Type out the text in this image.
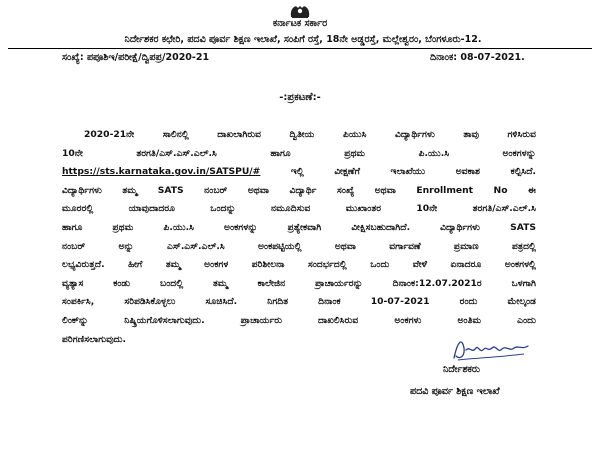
ಕರ್ನಾಟಕ ಸರ್ಕಾರ
ನಿರ್ದೇಶಕರ ಕಛೇರಿ, ಪದವಿ ಪೂರ್ವ ಶಿಕ್ಷಣ ಇಲಾಖೆ, ಸಂಪಿಗೆ ರಸ್ತೆ, 18ನೇ ಅಡ್ಡರಸ್ತೆ, ಮಲ್ಲೇಶ್ವರಂ, ಬೆಂಗಳೂರು-12.
ಸಂಖ್ಯೆ: ಪಪೂಶಿಇ/ಪರೀಕ್ಷೆ/ದ್ವಿಪಪ್ರ/2020-21	ದಿನಾಂಕ: 08-07-2021.
-:ಪ್ರಕಟಣೆ:-
2020-21ನೇ ಸಾಲಿನಲ್ಲಿ ದಾಖಲಾಗಿರುವ ದ್ವಿತೀಯ ಪಿಯುಸಿ ವಿದ್ಯಾರ್ಥಿಗಳು ತಾವು ಗಳಿಸಿರುವ
10ನೇ ತರಗತಿ/ಎಸ್.ಎಸ್.ಎಲ್.ಸಿ ಹಾಗೂ ಪ್ರಥಮ ಪಿ.ಯು.ಸಿ ಅಂಕಗಳನ್ನು
https://sts.karnataka.gov.in/SATSPU/#	ಇಲ್ಲಿ ವೀಕ್ಷಣೆಗೆ ಇಲಾಖೆಯು ಅವಕಾಶ ಕಲ್ಪಿಸಿದೆ.
ವಿದ್ಯಾರ್ಥಿಗಳು ತಮ್ಮ SATS ನಂಬರ್ ಅಥವಾ ವಿದ್ಯಾರ್ಥಿ ಸಂಖ್ಯೆ ಅಥವಾ Enrollment No ಈ
ಮೂರರಲ್ಲಿ ಯಾವುದಾದರೂ ಒಂದನ್ನು ನಮೂದಿಸುವ ಮುಖಾಂತರ 10ನೇ ತರಗತಿ/ಎಸ್.ಎಲ್.ಸಿ
ಹಾಗೂ ಪ್ರಥಮ ಪಿ.ಯು.ಸಿ ಅಂಕಗಳನ್ನು ಪ್ರತ್ಯೇಕವಾಗಿ ವೀಕ್ಷಿಸಬಹುದಾಗಿದೆ. ವಿದ್ಯಾರ್ಥಿಗಳು SATS
ನಂಬರ್ ಅನ್ನು ಎಸ್.ಎಸ್.ಎಲ್.ಸಿ ಅಂಕಪಟ್ಟಿಯಲ್ಲಿ ಅಥವಾ ವರ್ಗಾವಣೆ ಪ್ರಮಾಣ ಪತ್ರದಲ್ಲಿ
ಲಭ್ಯವಿರುತ್ತದೆ. ಹೀಗೆ ತಮ್ಮ ಅಂಕಗಳ ಪರಿಶೀಲನಾ ಸಂದರ್ಭದಲ್ಲಿ ಒಂದು ವೇಳೆ ಏನಾದರೂ ಅಂಕಗಳಲ್ಲಿ
ವ್ಯತ್ಯಾಸ ಕಂಡು ಬಂದಲ್ಲಿ ತಮ್ಮ ಕಾಲೇಜಿನ ಪ್ರಾಚಾರ್ಯರನ್ನು ದಿನಾಂಕ:12.07.2021ರ ಒಳಗಾಗಿ
ಸಂಪರ್ಕಿಸಿ, ಸರಿಪಡಿಸಿಕೊಳ್ಳಲು ಸೂಚಿಸಿದೆ. ನಿಗದಿತ ದಿನಾಂಕ 10-07-2021 ರಂದು ಮೇಲ್ಕಂಡ
ಲಿಂಕ್‌ನ್ನು ನಿಷ್ಕ್ರಿಯಗೊಳಿಸಲಾಗುವುದು. ಪ್ರಾಚಾರ್ಯರು ದಾಖಲಿಸಿರುವ ಅಂಕಗಳು ಅಂತಿಮ ಎಂದು
ಪರಿಗಣಿಸಲಾಗುವುದು.
ನಿರ್ದೇಶಕರು
ಪದವಿ ಪೂರ್ವ ಶಿಕ್ಷಣ ಇಲಾಖೆ
